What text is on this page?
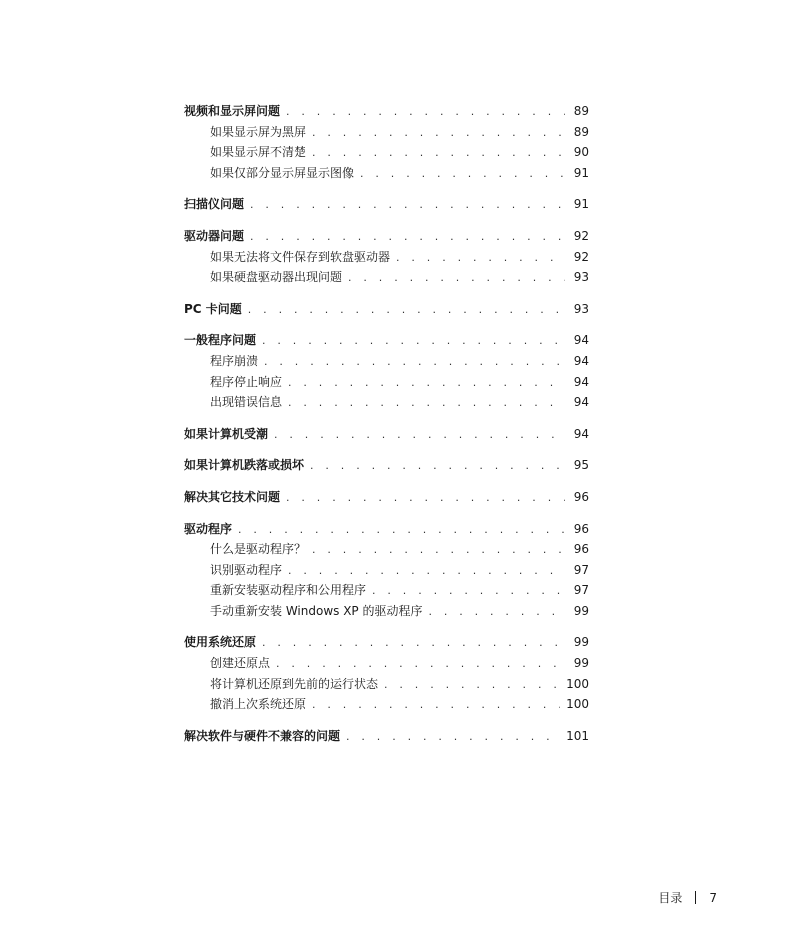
视频和显示屏问题 . . .	89
如果显示屏为黑屏 . . .	89
如果显示屏不清楚 . . .	90
如果仅部分显示屏显示图像 . . .	91
扫描仪问题 . . .	91
驱动器问题 . . .	92
如果无法将文件保存到软盘驱动器 . . .	92
如果硬盘驱动器出现问题 . . .	93
PC 卡问题 . . .	93
一般程序问题 . . .	94
程序崩溃 . . .	94
程序停止响应 . . .	94
出现错误信息 . . .	94
如果计算机受潮 . . .	94
如果计算机跌落或损坏 . . .	95
解决其它技术问题 . . .	96
驱动程序 . . .	96
什么是驱动程序？ . . .	96
识别驱动程序 . . .	97
重新安装驱动程序和公用程序 . . .	97
手动重新安装 Windows XP 的驱动程序 . . .	99
使用系统还原 . . .	99
创建还原点 . . .	99
将计算机还原到先前的运行状态 . . .	100
撤消上次系统还原 . . .	100
解决软件与硬件不兼容的问题 . . .	101
目录 7
